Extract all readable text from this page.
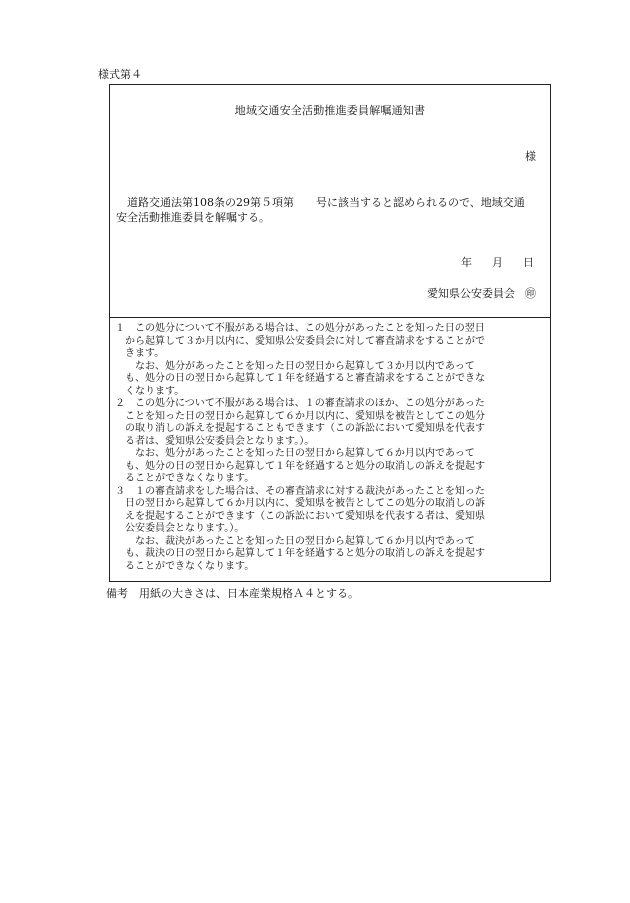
様式第４
地域交通安全活動推進委員解嘱通知書
様
　道路交通法第108条の29第５項第　　号に該当すると認められるので、地域交通
安全活動推進委員を解嘱する。
年 月 日
愛知県公安委員会 ㊞
１　この処分について不服がある場合は、この処分があったことを知った日の翌日
　から起算して３か月以内に、愛知県公安委員会に対して審査請求をすることがで
　きます。
　　なお、処分があったことを知った日の翌日から起算して３か月以内であって
　も、処分の日の翌日から起算して１年を経過すると審査請求をすることができな
　くなります。
２　この処分について不服がある場合は、１の審査請求のほか、この処分があった
　ことを知った日の翌日から起算して６か月以内に、愛知県を被告としてこの処分
　の取り消しの訴えを提起することもできます（この訴訟において愛知県を代表す
　る者は、愛知県公安委員会となります。）。
　　なお、処分があったことを知った日の翌日から起算して６か月以内であって
　も、処分の日の翌日から起算して１年を経過すると処分の取消しの訴えを提起す
　ることができなくなります。
３　１の審査請求をした場合は、その審査請求に対する裁決があったことを知った
　日の翌日から起算して６か月以内に、愛知県を被告としてこの処分の取消しの訴
　えを提起することができます（この訴訟において愛知県を代表する者は、愛知県
　公安委員会となります。）。
　　なお、裁決があったことを知った日の翌日から起算して６か月以内であって
　も、裁決の日の翌日から起算して１年を経過すると処分の取消しの訴えを提起す
　ることができなくなります。
備考　用紙の大きさは、日本産業規格Ａ４とする。
